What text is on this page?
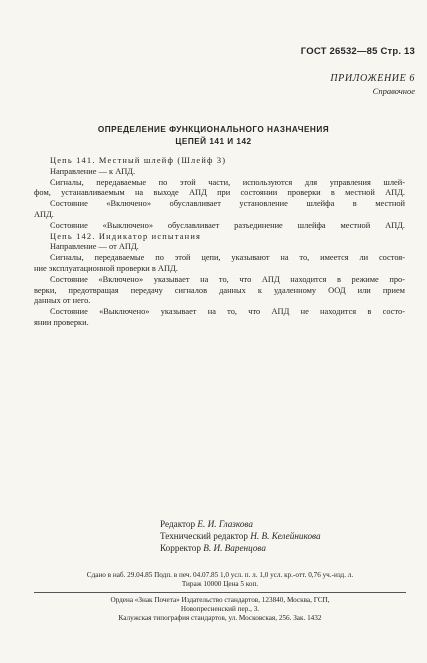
ГОСТ 26532—85 Стр. 13
ПРИЛОЖЕНИЕ 6
Справочное
ОПРЕДЕЛЕНИЕ ФУНКЦИОНАЛЬНОГО НАЗНАЧЕНИЯ
ЦЕПЕЙ 141 И 142
Цепь 141. Местный шлейф (Шлейф 3)
Направление — к АПД.
Сигналы, передаваемые по этой части, используются для управления шлей-
фом, устанавливаемым на выходе АПД при состоянии проверки в местной АПД.
Состояние «Включено» обуславливает установление шлейфа в местной
АПД.
Состояние «Выключено» обуславливает разъединение шлейфа местной АПД.
Цепь 142. Индикатор испытания
Направление — от АПД.
Сигналы, передаваемые по этой цепи, указывают на то, имеется ли состоя-
ние эксплуатационной проверки в АПД.
Состояние «Включено» указывает на то, что АПД находится в режиме про-
верки, предотвращая передачу сигналов данных к удаленному ООД или прием
данных от него.
Состояние «Выключено» указывает на то, что АПД не находится в состо-
янии проверки.
Редактор Е. И. Глазкова
Технический редактор Н. В. Келейникова
Корректор В. И. Варенцова
Сдано в наб. 29.04.85 Подп. в печ. 04.07.85 1,0 усл. п. л. 1,0 усл. кр.-отт. 0,76 уч.-изд. л.
Тираж 10000 Цена 5 коп.
Ордена «Знак Почета» Издательство стандартов, 123840, Москва, ГСП,
Новопресненский пер., 3.
Калужская типография стандартов, ул. Московская, 256. Зак. 1432
